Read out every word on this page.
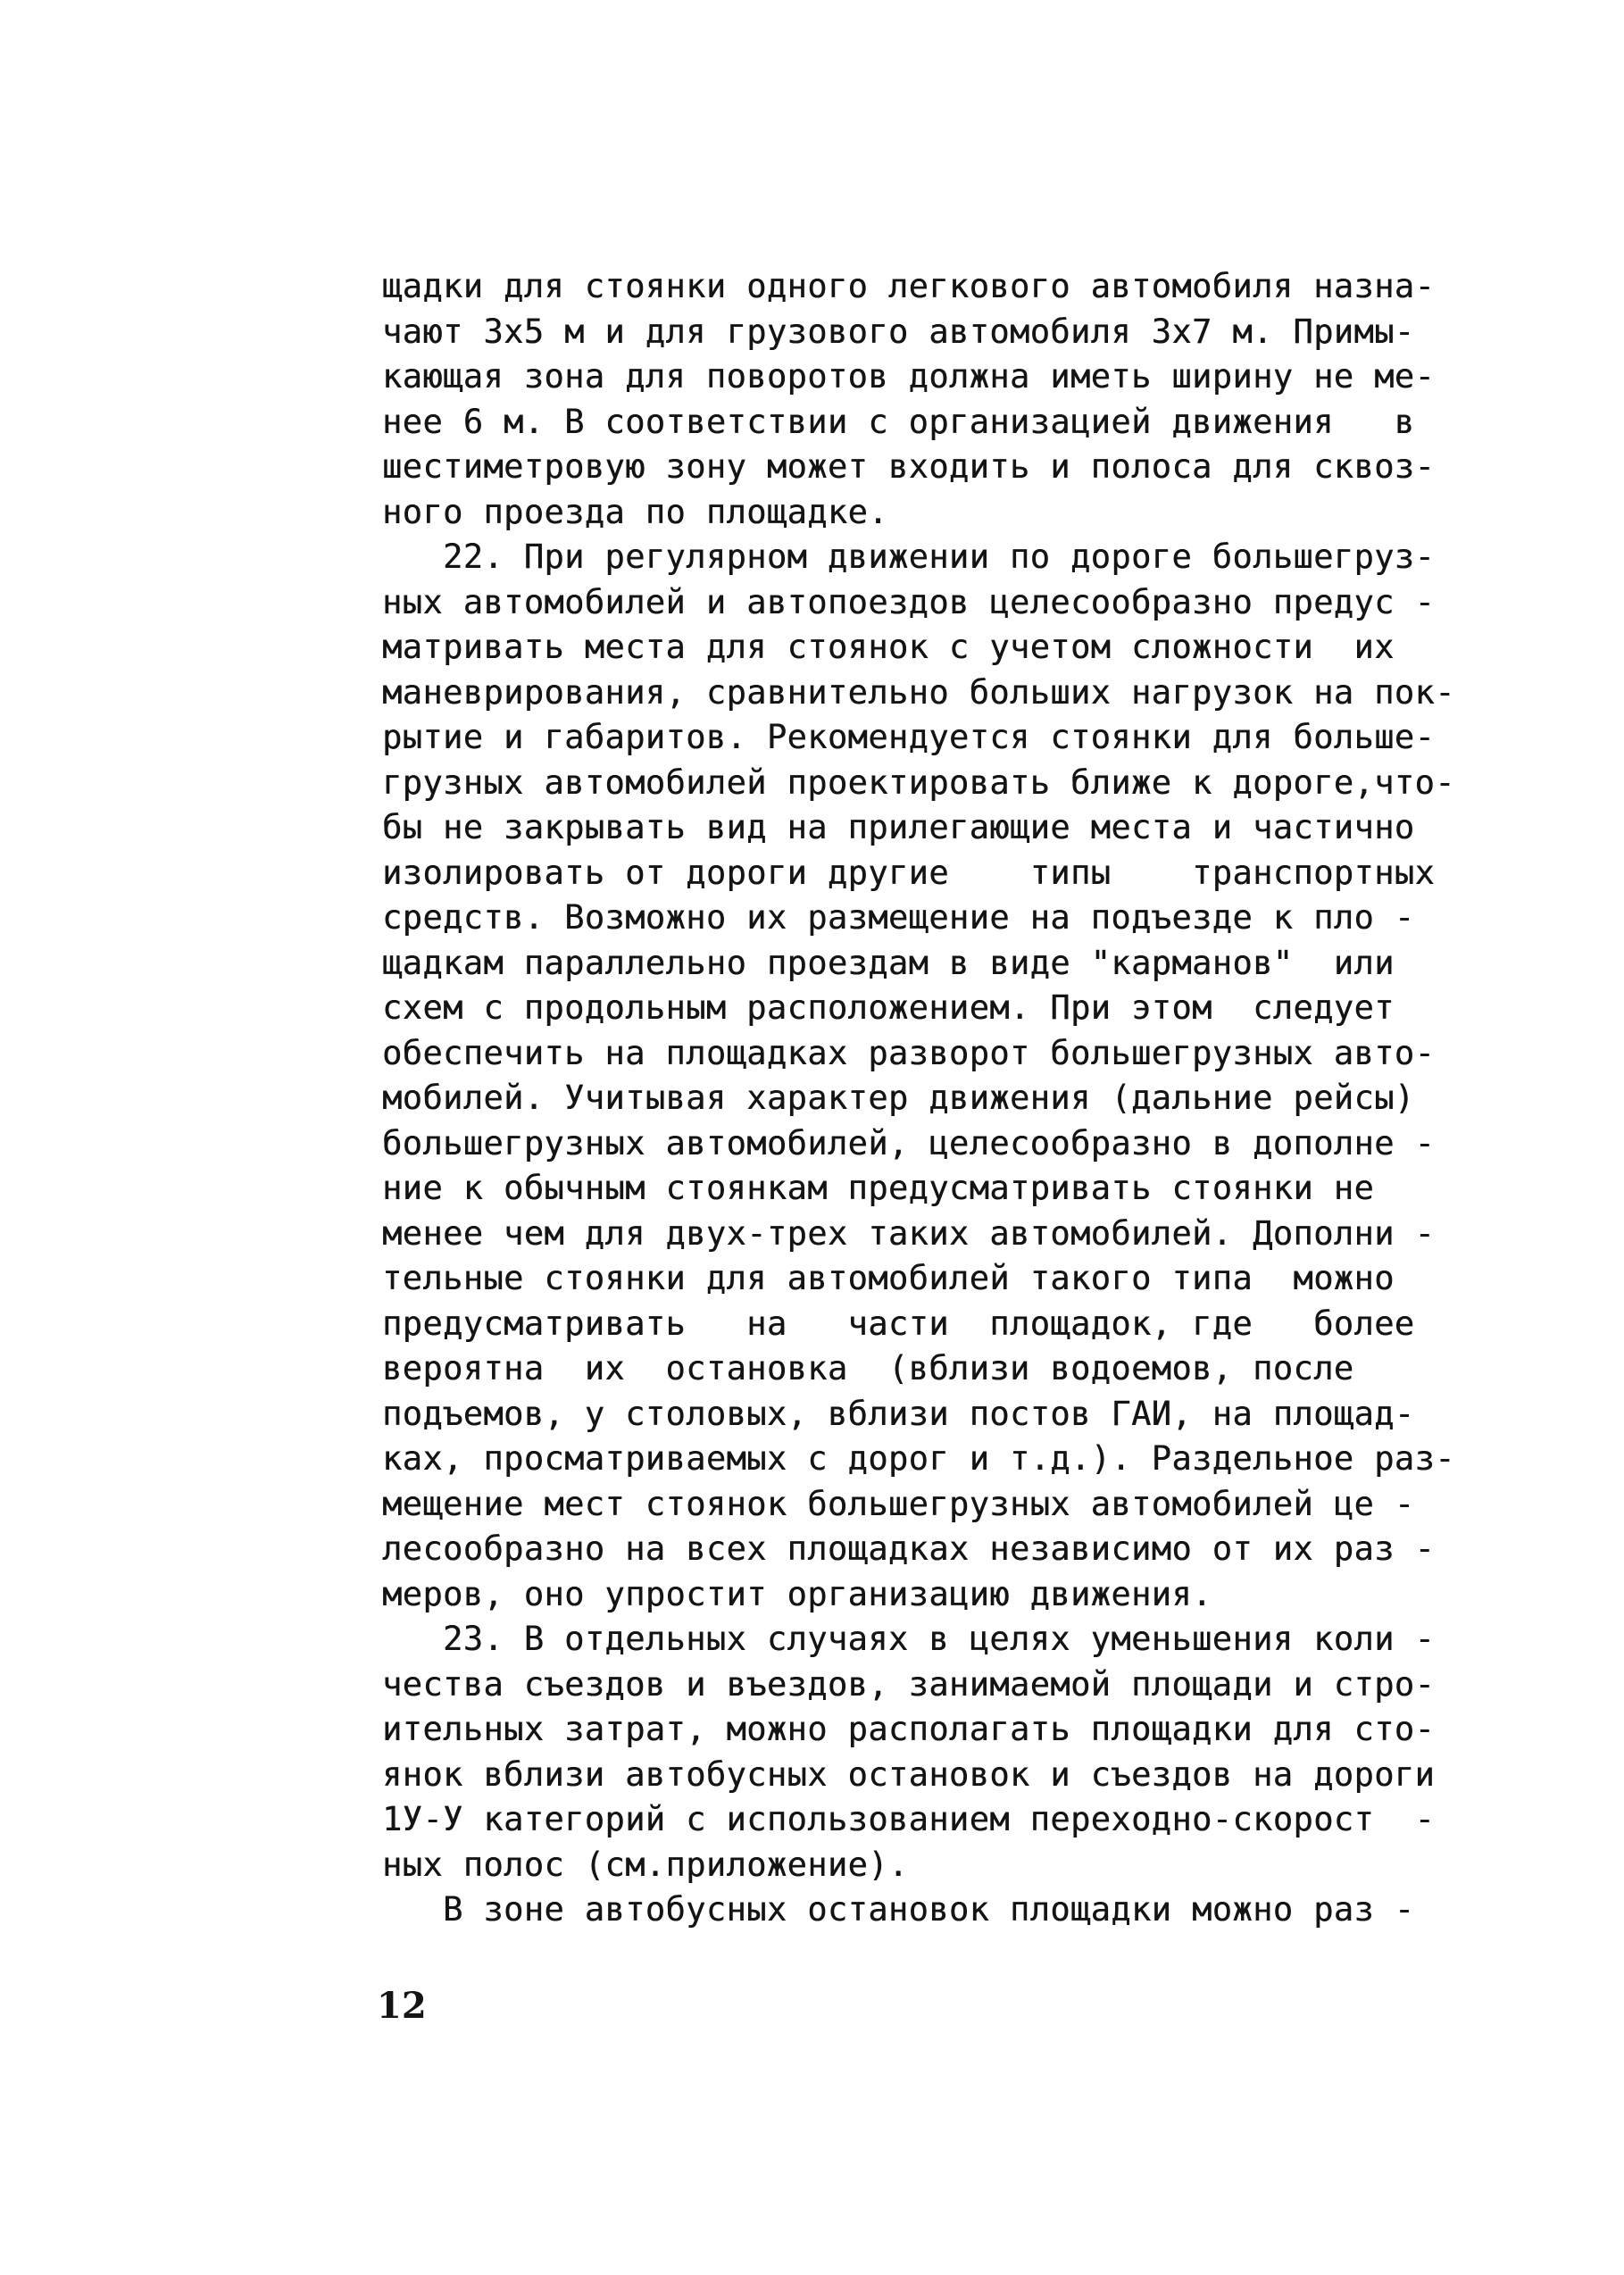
щадки для стоянки одного легкового автомобиля назна-
чают 3х5 м и для грузового автомобиля 3х7 м. Примы-
кающая зона для поворотов должна иметь ширину не ме-
нее 6 м. В соответствии с организацией движения   в
шестиметровую зону может входить и полоса для сквоз-
ного проезда по площадке.
22. При регулярном движении по дороге большегруз-
ных автомобилей и автопоездов целесообразно предус -
матривать места для стоянок с учетом сложности  их
маневрирования, сравнительно больших нагрузок на пок-
рытие и габаритов. Рекомендуется стоянки для больше-
грузных автомобилей проектировать ближе к дороге,что-
бы не закрывать вид на прилегающие места и частично
изолировать от дороги другие    типы    транспортных
средств. Возможно их размещение на подъезде к пло -
щадкам параллельно проездам в виде "карманов"  или
схем с продольным расположением. При этом  следует
обеспечить на площадках разворот большегрузных авто-
мобилей. Учитывая характер движения (дальние рейсы)
большегрузных автомобилей, целесообразно в дополне -
ние к обычным стоянкам предусматривать стоянки не
менее чем для двух-трех таких автомобилей. Дополни -
тельные стоянки для автомобилей такого типа  можно
предусматривать   на   части  площадок, где   более
вероятна  их  остановка  (вблизи водоемов, после
подъемов, у столовых, вблизи постов ГАИ, на площад-
ках, просматриваемых с дорог и т.д.). Раздельное раз-
мещение мест стоянок большегрузных автомобилей це -
лесообразно на всех площадках независимо от их раз -
меров, оно упростит организацию движения.
23. В отдельных случаях в целях уменьшения коли -
чества съездов и въездов, занимаемой площади и стро-
ительных затрат, можно располагать площадки для сто-
янок вблизи автобусных остановок и съездов на дороги
1У-У категорий с использованием переходно-скорост  -
ных полос (см.приложение).
В зоне автобусных остановок площадки можно раз -
12
